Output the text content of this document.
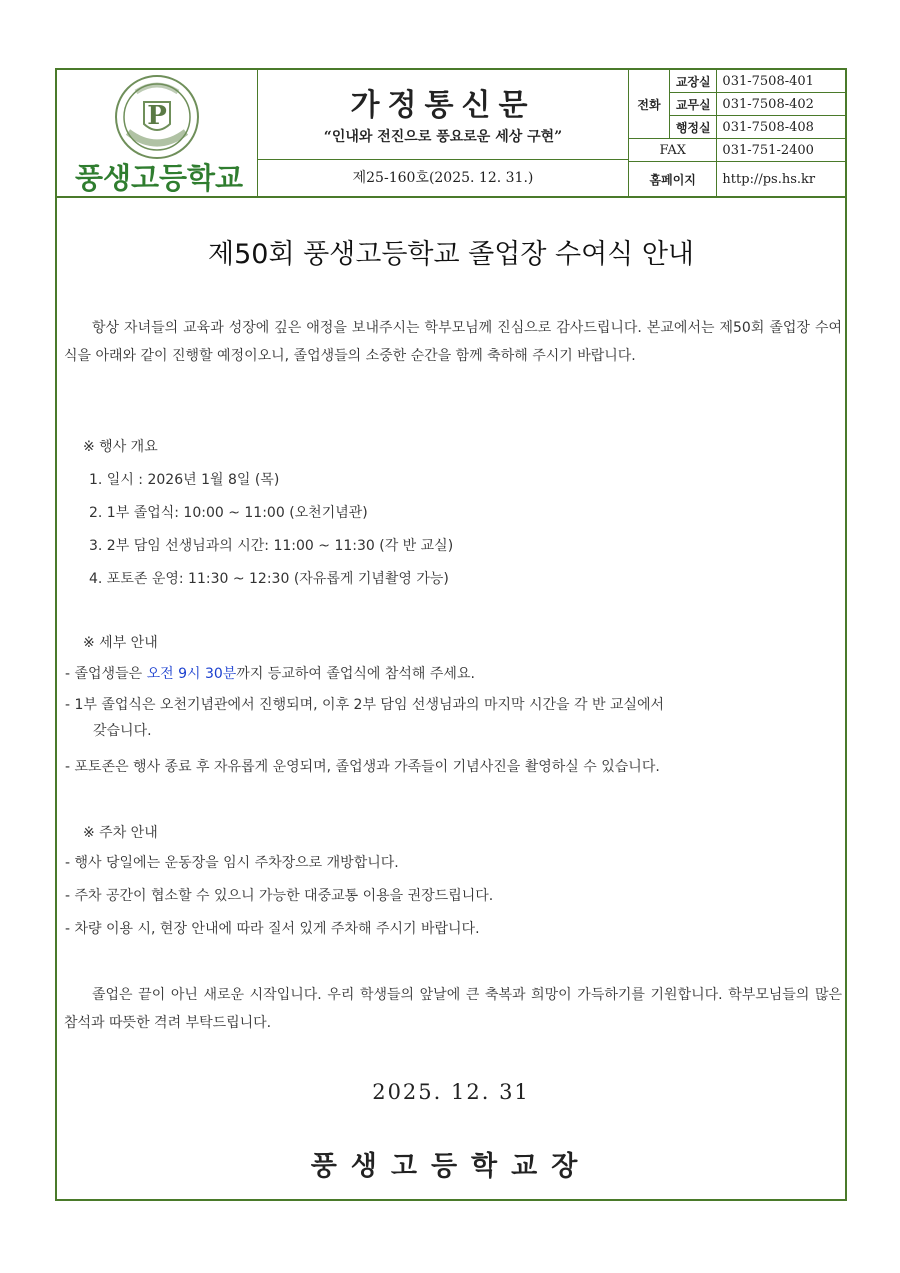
P
풍생고등학교
가정통신문
“인내와 전진으로 풍요로운 세상 구현”
제25-160호(2025. 12. 31.)
전화	교장실	031-7508-401
	교무실	031-7508-402
	행정실	031-7508-408
FAX		031-751-2400
홈페이지		http://ps.hs.kr
제50회 풍생고등학교 졸업장 수여식 안내
항상 자녀들의 교육과 성장에 깊은 애정을 보내주시는 학부모님께 진심으로 감사드립니다. 본교에서는 제50회 졸업장 수여식을 아래와 같이 진행할 예정이오니, 졸업생들의 소중한 순간을 함께 축하해 주시기 바랍니다.
※ 행사 개요
1. 일시 : 2026년 1월 8일 (목)
2. 1부 졸업식: 10:00 ~ 11:00 (오천기념관)
3. 2부 담임 선생님과의 시간: 11:00 ~ 11:30 (각 반 교실)
4. 포토존 운영: 11:30 ~ 12:30 (자유롭게 기념촬영 가능)
※ 세부 안내
- 졸업생들은 오전 9시 30분까지 등교하여 졸업식에 참석해 주세요.
- 1부 졸업식은 오천기념관에서 진행되며, 이후 2부 담임 선생님과의 마지막 시간을 각 반 교실에서
갖습니다.
- 포토존은 행사 종료 후 자유롭게 운영되며, 졸업생과 가족들이 기념사진을 촬영하실 수 있습니다.
※ 주차 안내
- 행사 당일에는 운동장을 임시 주차장으로 개방합니다.
- 주차 공간이 협소할 수 있으니 가능한 대중교통 이용을 권장드립니다.
- 차량 이용 시, 현장 안내에 따라 질서 있게 주차해 주시기 바랍니다.
졸업은 끝이 아닌 새로운 시작입니다. 우리 학생들의 앞날에 큰 축복과 희망이 가득하기를 기원합니다. 학부모님들의 많은 참석과 따뜻한 격려 부탁드립니다.
2025. 12. 31
풍생고등학교장
